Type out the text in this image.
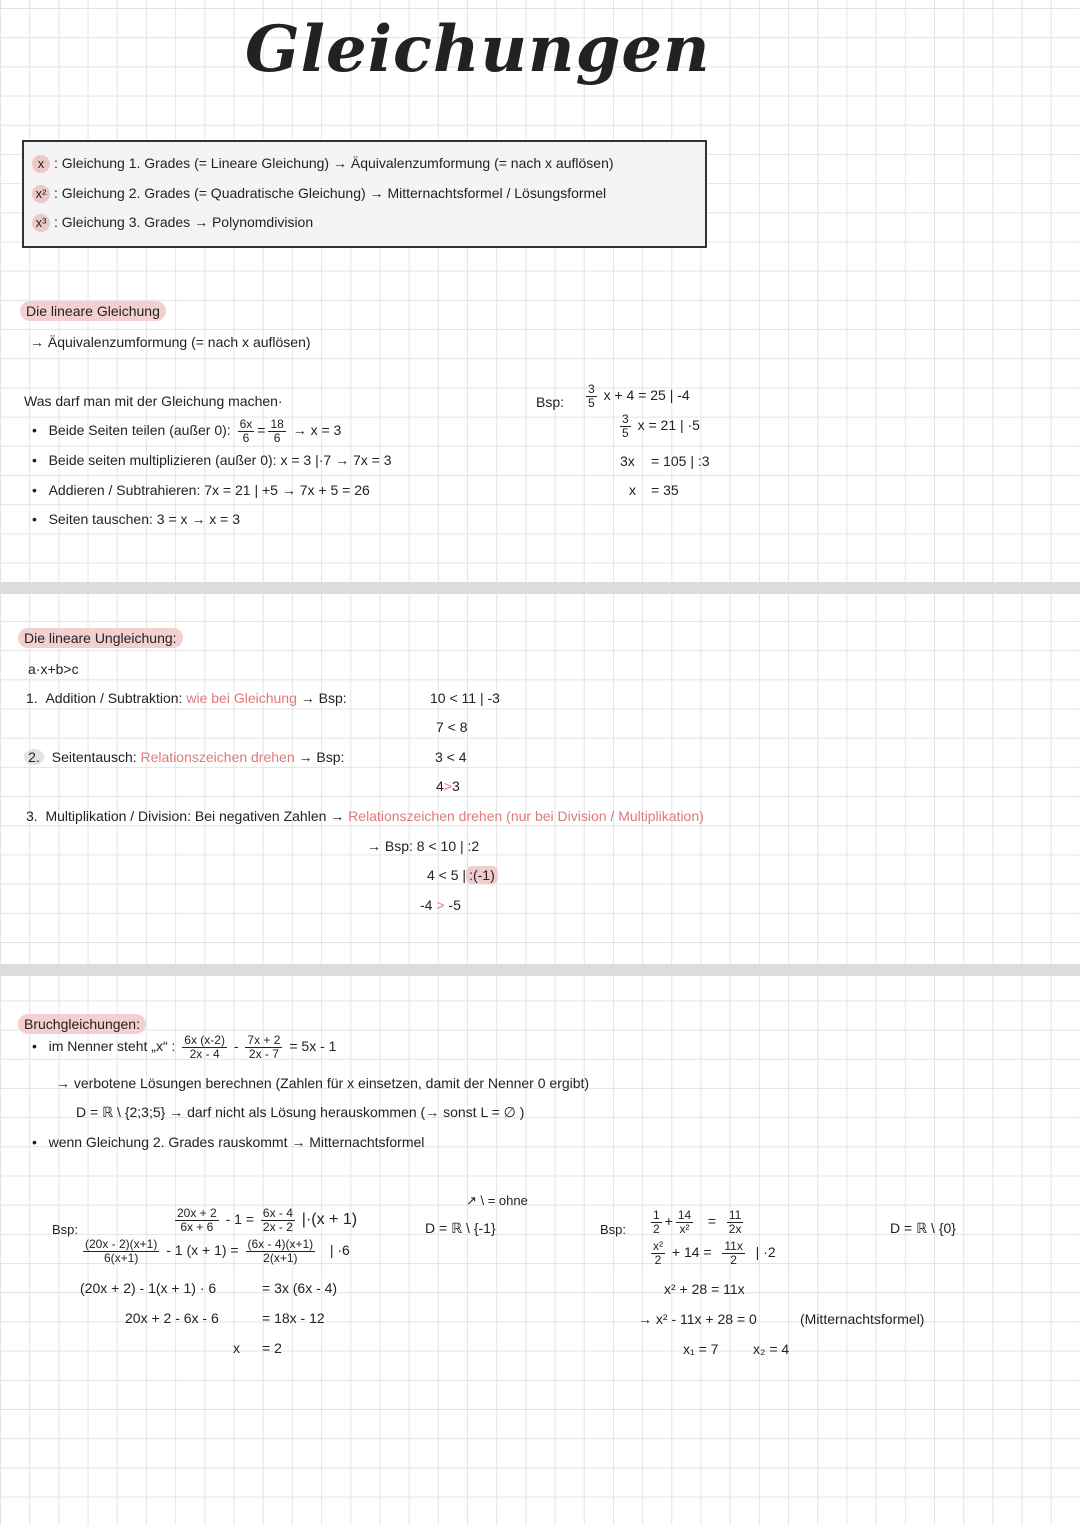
Gleichungen
x : Gleichung 1. Grades (= Lineare Gleichung) → Äquivalenzumformung (= nach x auflösen)
x² : Gleichung 2. Grades (= Quadratische Gleichung) → Mitternachtsformel / Lösungsformel
x³ : Gleichung 3. Grades → Polynomdivision
Die lineare Gleichung
→ Äquivalenzumformung (= nach x auflösen)
Was darf man mit der Gleichung machen·
•   Beide Seiten teilen (außer 0): $\frac{6x}{6} = \frac{18}{6} \to x = 3$
•   Beide seiten multiplizieren (außer 0): x = 3 |·7 → 7x = 3
•   Addieren / Subtrahieren: 7x = 21 | +5 → 7x + 5 = 26
•   Seiten tauschen: 3 = x → x = 3
Bsp: $\frac{3}{5}$ x + 4 = 25 | -4
$\frac{3}{5}$ x = 21 | ·5
3x = 105 | :3
x = 35
Die lineare Ungleichung:
a·x+b>c
1. Addition / Subtraktion: wie bei Gleichung → Bsp:	10 < 11 | -3
7 < 8
2. Seitentausch: Relationszeichen drehen → Bsp:	3 < 4
4>3
3. Multiplikation / Division: Bei negativen Zahlen → Relationszeichen drehen (nur bei Division / Multiplikation)
→ Bsp: 8 < 10 | :2
4 < 5 | :(-1)
-4 > -5
Bruchgleichungen:
•   im Nenner steht „x“ : $\frac{6x (x-2)}{2x - 4} - \frac{7x + 2}{2x - 7} = 5x - 1$
→ verbotene Lösungen berechnen (Zahlen für x einsetzen, damit der Nenner 0 ergibt)
D = ℝ \ {2;3;5} → darf nicht als Lösung herauskommen (→ sonst L = ∅ )
•   wenn Gleichung 2. Grades rauskommt → Mitternachtsformel
Bsp:	$\frac{20x + 2}{6x + 6} - 1 = \frac{6x - 4}{2x - 2} |\cdot(x + 1)$	D = ℝ \ {-1}
↗ \ = ohne
$\frac{(20x - 2)(x+1)}{6(x+1)} - 1$ $(x + 1) = \frac{(6x - 4)(x+1)}{2(x+1)}$ | ·6
(20x + 2) - 1(x + 1) · 6	= 3x (6x - 4)
20x + 2 - 6x - 6	= 18x - 12
x = 2
Bsp: $\frac{1}{2} + \frac{14}{\text{x²}} = \frac{11}{2x}$	D = ℝ \ {0}
$\frac{\text{x²}}{2} + 14 = \frac{11x}{2}$ | ·2
x² + 28 = 11x
→ x² - 11x + 28 = 0	(Mitternachtsformel)
x₁ = 7 x₂ = 4
